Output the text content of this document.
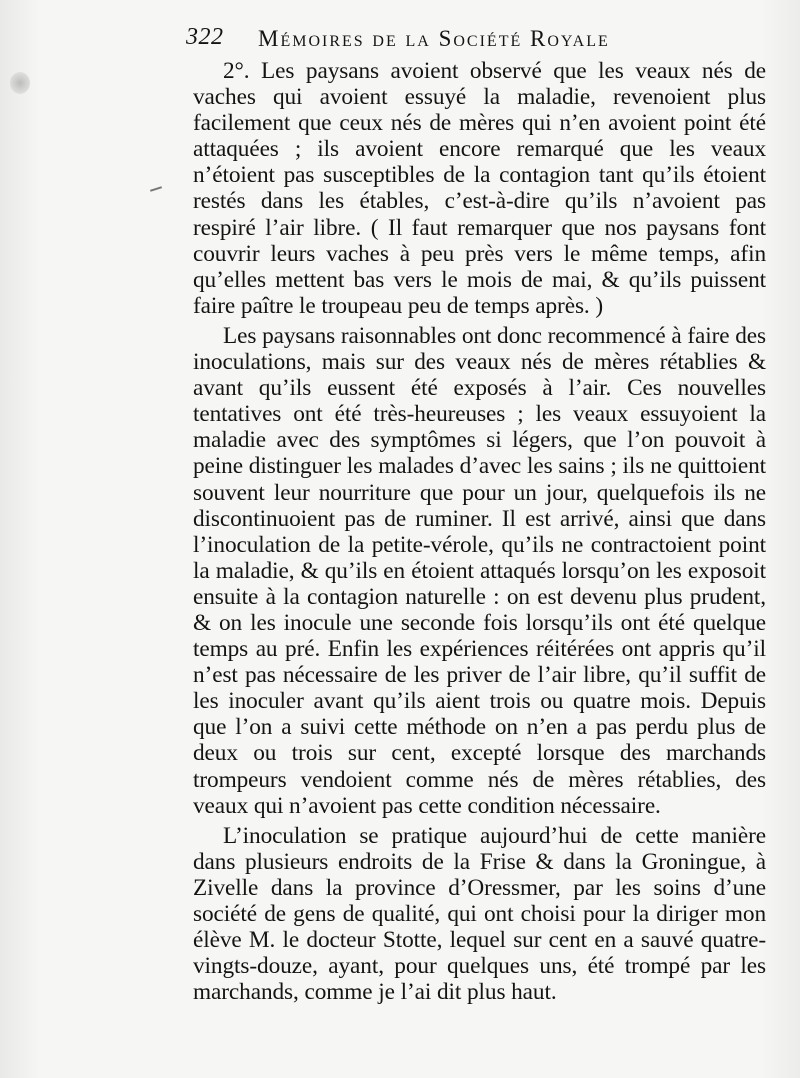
322 Mémoires de la Société Royale

2°. Les paysans avoient observé que les veaux nés de vaches qui avoient essuyé la maladie, revenoient plus facilement que ceux nés de mères qui n’en avoient point été attaquées ; ils avoient encore remarqué que les veaux n’étoient pas susceptibles de la contagion tant qu’ils étoient restés dans les étables, c’est-à-dire qu’ils n’avoient pas respiré l’air libre. ( Il faut remarquer que nos paysans font couvrir leurs vaches à peu près vers le même temps, afin qu’elles mettent bas vers le mois de mai, & qu’ils puissent faire paître le troupeau peu de temps après. )

Les paysans raisonnables ont donc recommencé à faire des inoculations, mais sur des veaux nés de mères rétablies & avant qu’ils eussent été exposés à l’air. Ces nouvelles tentatives ont été très-heureuses ; les veaux essuyoient la maladie avec des symptômes si légers, que l’on pouvoit à peine distinguer les malades d’avec les sains ; ils ne quittoient souvent leur nourriture que pour un jour, quelquefois ils ne discontinuoient pas de ruminer. Il est arrivé, ainsi que dans l’inoculation de la petite-vérole, qu’ils ne contractoient point la maladie, & qu’ils en étoient attaqués lorsqu’on les exposoit ensuite à la contagion naturelle : on est devenu plus prudent, & on les inocule une seconde fois lorsqu’ils ont été quelque temps au pré. Enfin les expériences réitérées ont appris qu’il n’est pas nécessaire de les priver de l’air libre, qu’il suffit de les inoculer avant qu’ils aient trois ou quatre mois. Depuis que l’on a suivi cette méthode on n’en a pas perdu plus de deux ou trois sur cent, excepté lorsque des marchands trompeurs vendoient comme nés de mères rétablies, des veaux qui n’avoient pas cette condition nécessaire.

L’inoculation se pratique aujourd’hui de cette manière dans plusieurs endroits de la Frise & dans la Groningue, à Zivelle dans la province d’Oressmer, par les soins d’une société de gens de qualité, qui ont choisi pour la diriger mon élève M. le docteur Stotte, lequel sur cent en a sauvé quatre-vingts-douze, ayant, pour quelques uns, été trompé par les marchands, comme je l’ai dit plus haut.
